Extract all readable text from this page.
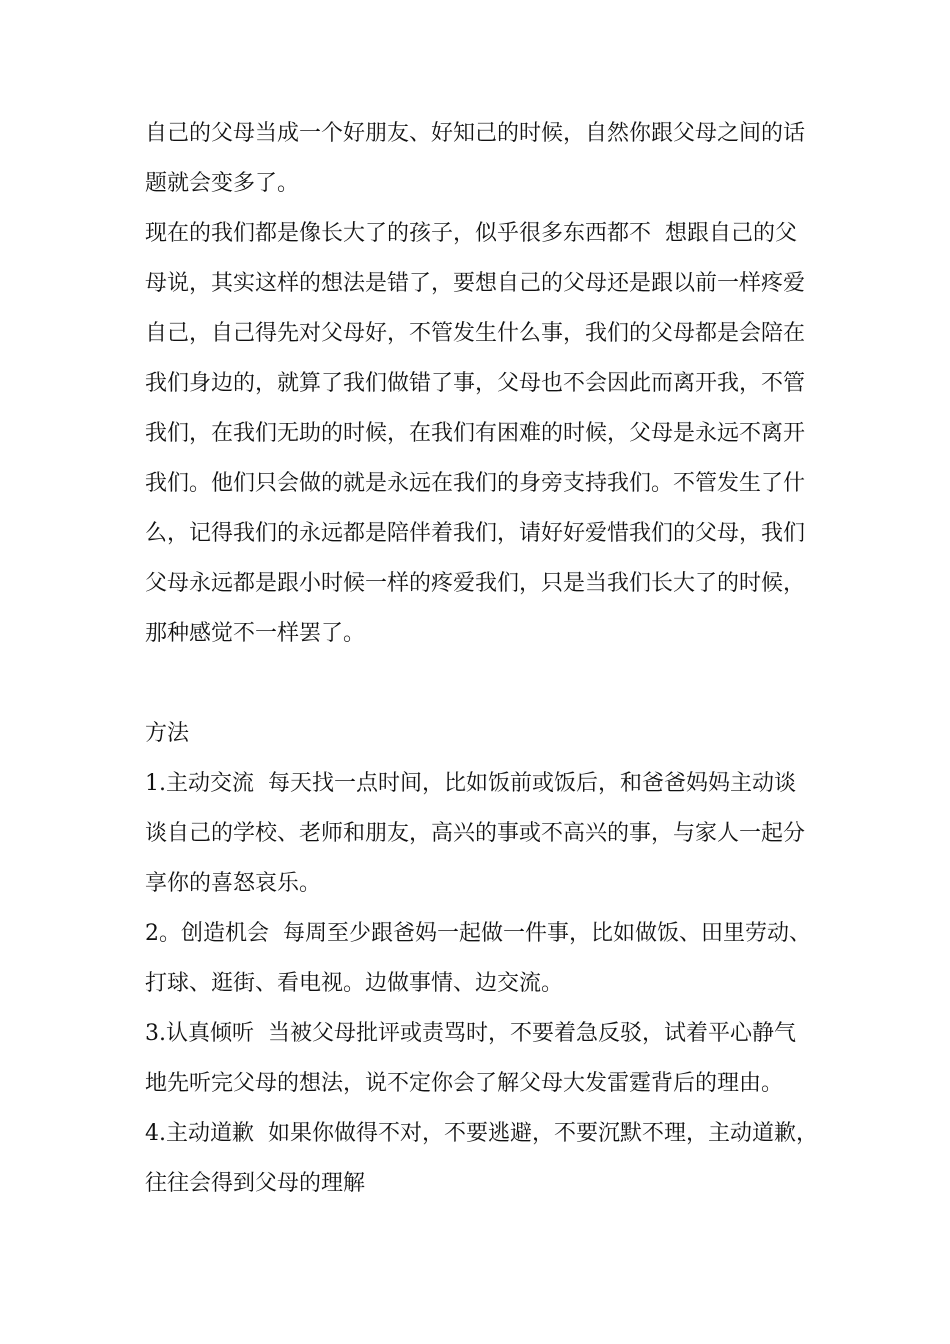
自己的父母当成一个好朋友、好知己的时候，自然你跟父母之间的话
题就会变多了。
现在的我们都是像长大了的孩子，似乎很多东西都不  想跟自己的父
母说，其实这样的想法是错了，要想自己的父母还是跟以前一样疼爱
自己，自己得先对父母好，不管发生什么事，我们的父母都是会陪在
我们身边的，就算了我们做错了事，父母也不会因此而离开我，不管
我们，在我们无助的时候，在我们有困难的时候，父母是永远不离开
我们。他们只会做的就是永远在我们的身旁支持我们。不管发生了什
么，记得我们的永远都是陪伴着我们，请好好爱惜我们的父母，我们
父母永远都是跟小时候一样的疼爱我们，只是当我们长大了的时候，
那种感觉不一样罢了。
方法
1.主动交流  每天找一点时间，比如饭前或饭后，和爸爸妈妈主动谈
谈自己的学校、老师和朋友，高兴的事或不高兴的事，与家人一起分
享你的喜怒哀乐。
2。创造机会  每周至少跟爸妈一起做一件事，比如做饭、田里劳动、
打球、逛街、看电视。边做事情、边交流。
3.认真倾听  当被父母批评或责骂时，不要着急反驳，试着平心静气
地先听完父母的想法，说不定你会了解父母大发雷霆背后的理由。
4.主动道歉  如果你做得不对，不要逃避，不要沉默不理，主动道歉，
往往会得到父母的理解
